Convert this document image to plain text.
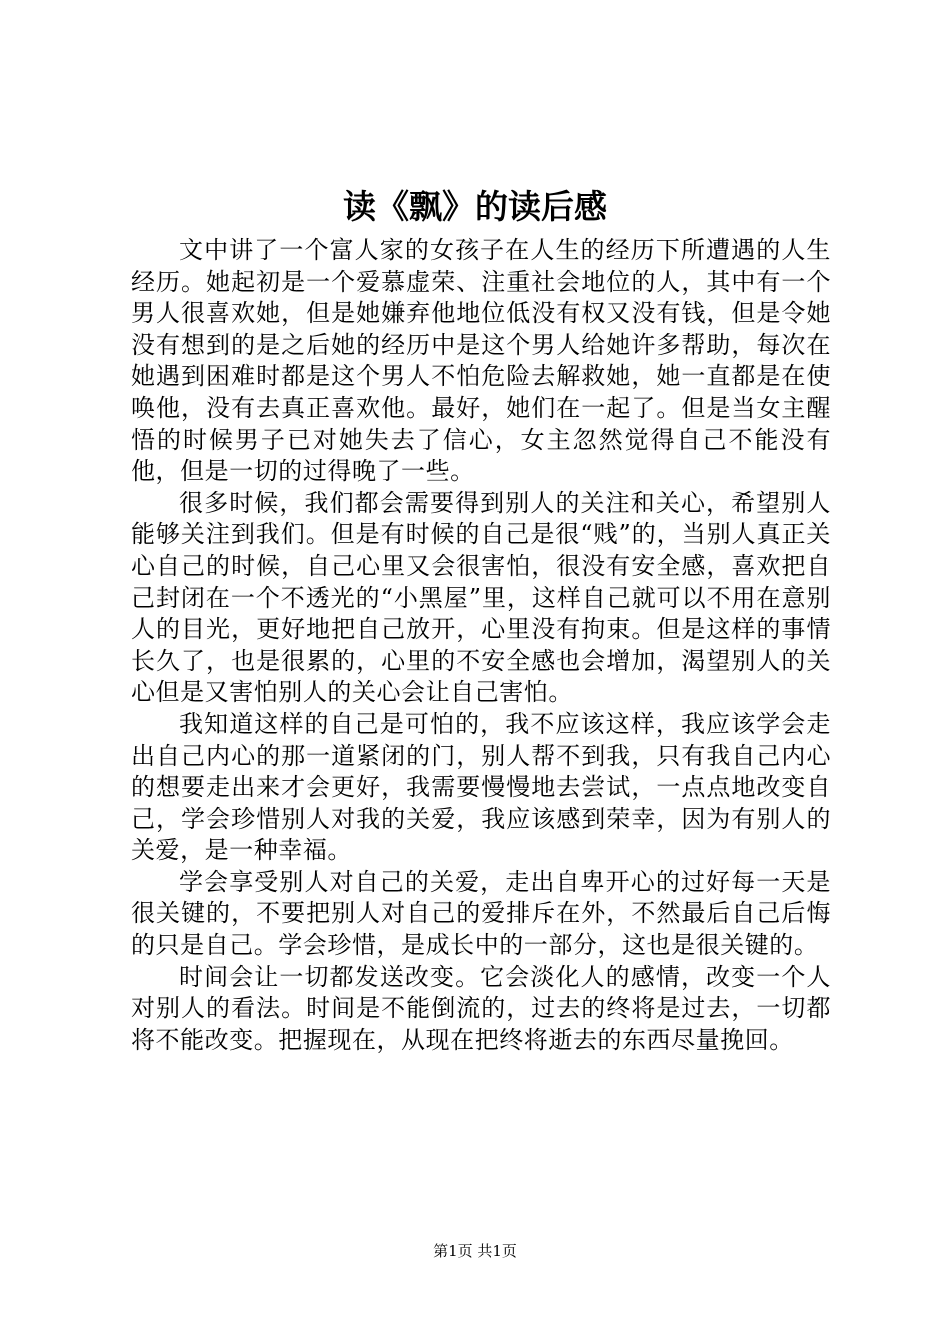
读《飘》的读后感

文中讲了一个富人家的女孩子在人生的经历下所遭遇的人生经历。她起初是一个爱慕虚荣、注重社会地位的人，其中有一个男人很喜欢她，但是她嫌弃他地位低没有权又没有钱，但是令她没有想到的是之后她的经历中是这个男人给她许多帮助，每次在她遇到困难时都是这个男人不怕危险去解救她，她一直都是在使唤他，没有去真正喜欢他。最好，她们在一起了。但是当女主醒悟的时候男子已对她失去了信心，女主忽然觉得自己不能没有他，但是一切的过得晚了一些。

很多时候，我们都会需要得到别人的关注和关心，希望别人能够关注到我们。但是有时候的自己是很“贱”的，当别人真正关心自己的时候，自己心里又会很害怕，很没有安全感，喜欢把自己封闭在一个不透光的“小黑屋”里，这样自己就可以不用在意别人的目光，更好地把自己放开，心里没有拘束。但是这样的事情长久了，也是很累的，心里的不安全感也会增加，渴望别人的关心但是又害怕别人的关心会让自己害怕。

我知道这样的自己是可怕的，我不应该这样，我应该学会走出自己内心的那一道紧闭的门，别人帮不到我，只有我自己内心的想要走出来才会更好，我需要慢慢地去尝试，一点点地改变自己，学会珍惜别人对我的关爱，我应该感到荣幸，因为有别人的关爱，是一种幸福。

学会享受别人对自己的关爱，走出自卑开心的过好每一天是很关键的，不要把别人对自己的爱排斥在外，不然最后自己后悔的只是自己。学会珍惜，是成长中的一部分，这也是很关键的。

时间会让一切都发送改变。它会淡化人的感情，改变一个人对别人的看法。时间是不能倒流的，过去的终将是过去，一切都将不能改变。把握现在，从现在把终将逝去的东西尽量挽回。

第1页 共1页
